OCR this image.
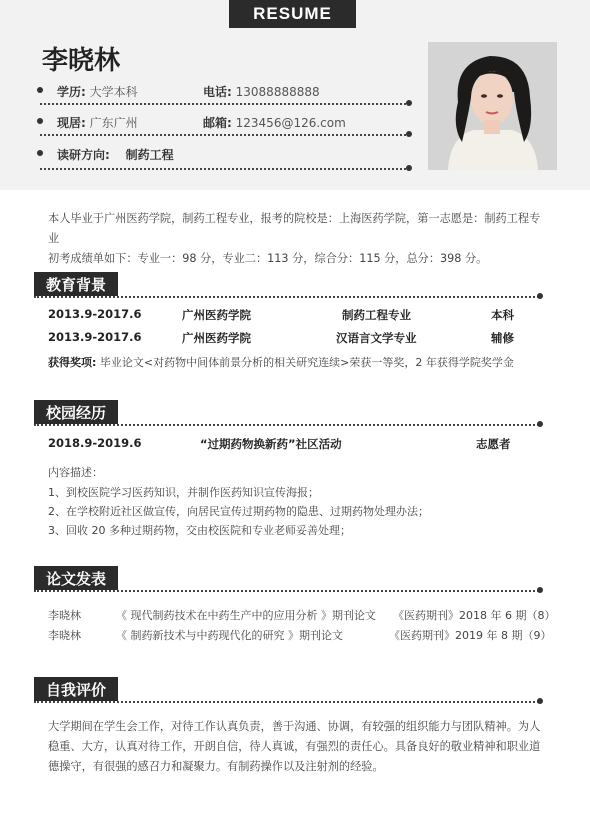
RESUME
李晓林
学历: 大学本科	电话: 13088888888
现居: 广东广州	邮箱: 123456@126.com
读研方向: 制药工程
本人毕业于广州医药学院，制药工程专业，报考的院校是：上海医药学院，第一志愿是：制药工程专业
初考成绩单如下：专业一：98 分，专业二：113 分，综合分：115 分，总分：398 分。
教育背景
2013.9-2017.6	广州医药学院	制药工程专业	本科
2013.9-2017.6	广州医药学院	汉语言文学专业	辅修
获得奖项: 毕业论文<对药物中间体前景分析的相关研究连续>荣获一等奖，2 年获得学院奖学金
校园经历
2018.9-2019.6	“过期药物换新药”社区活动	志愿者
内容描述：
1、到校医院学习医药知识，并制作医药知识宣传海报；
2、在学校附近社区做宣传，向居民宣传过期药物的隐患、过期药物处理办法；
3、回收 20 多种过期药物，交由校医院和专业老师妥善处理；
论文发表
李晓林	《 现代制药技术在中药生产中的应用分析 》期刊论文 《医药期刊》2018 年 6 期（8）
李晓林	《 制药新技术与中药现代化的研究 》期刊论文	《医药期刊》2019 年 8 期（9）
自我评价
大学期间在学生会工作，对待工作认真负责，善于沟通、协调，有较强的组织能力与团队精神。为人
稳重、大方，认真对待工作，开朗自信，待人真诚，有强烈的责任心。具备良好的敬业精神和职业道
德操守，有很强的感召力和凝聚力。有制药操作以及注射剂的经验。
